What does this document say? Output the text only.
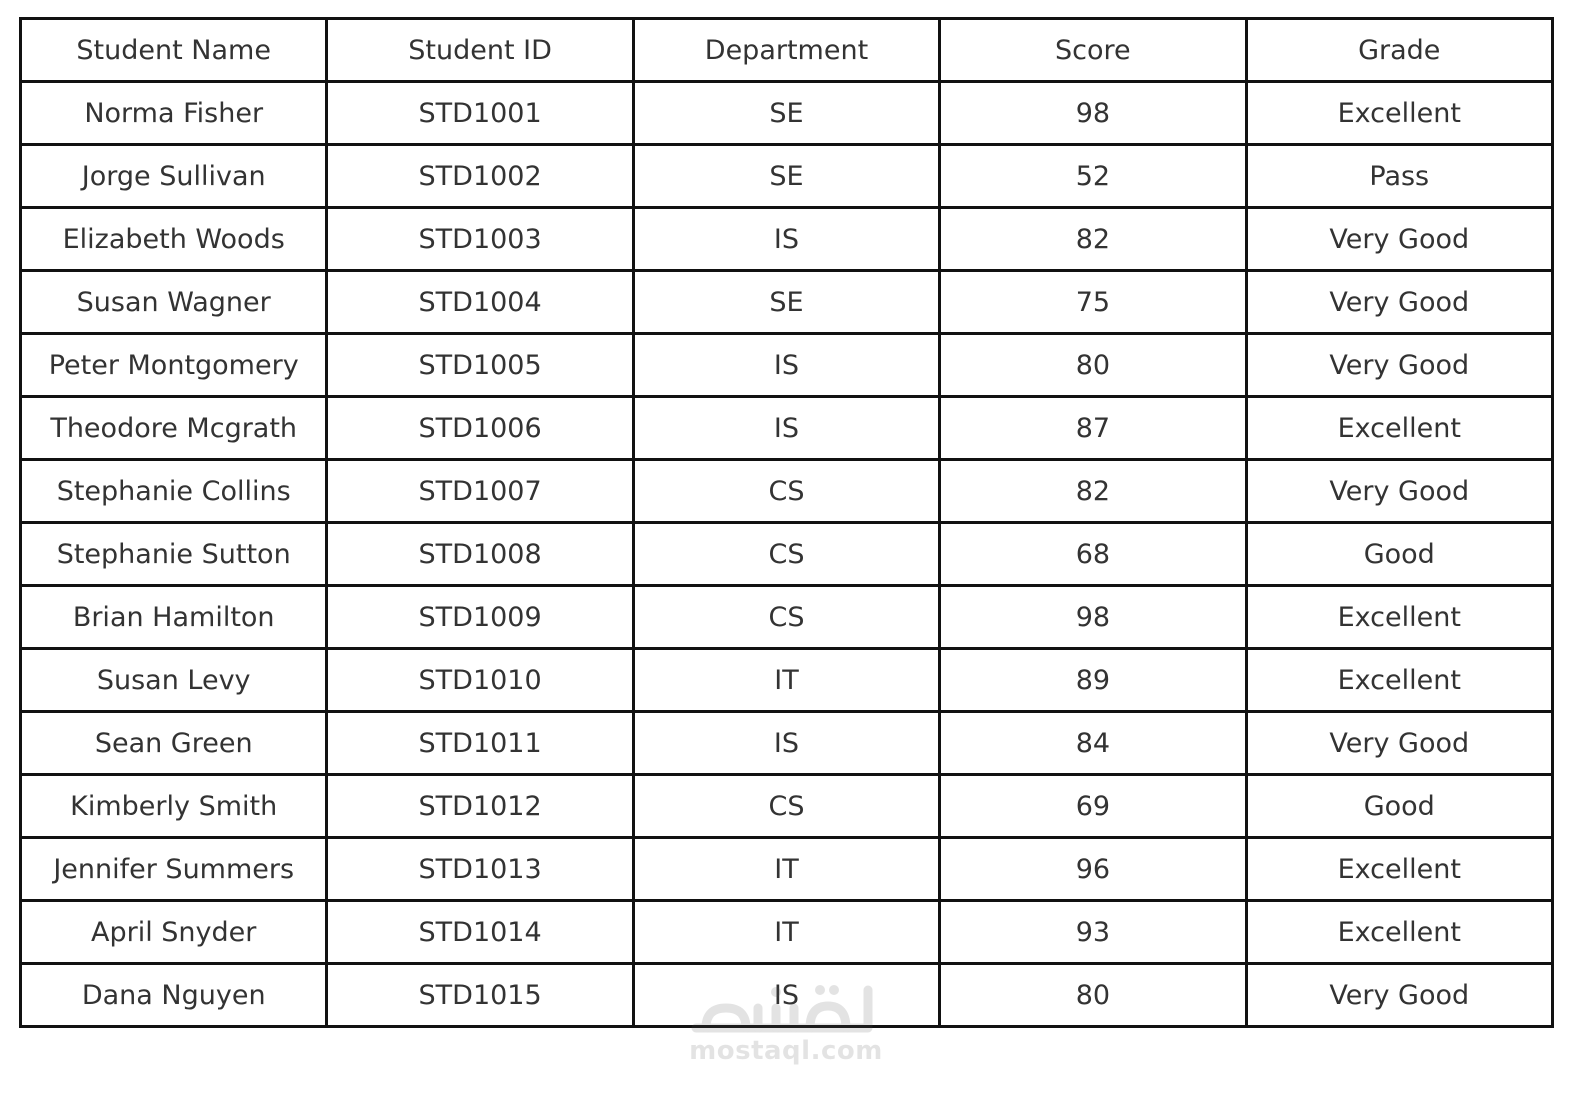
Student Name	Student ID	Department	Score	Grade
Norma Fisher	STD1001	SE	98	Excellent
Jorge Sullivan	STD1002	SE	52	Pass
Elizabeth Woods	STD1003	IS	82	Very Good
Susan Wagner	STD1004	SE	75	Very Good
Peter Montgomery	STD1005	IS	80	Very Good
Theodore Mcgrath	STD1006	IS	87	Excellent
Stephanie Collins	STD1007	CS	82	Very Good
Stephanie Sutton	STD1008	CS	68	Good
Brian Hamilton	STD1009	CS	98	Excellent
Susan Levy	STD1010	IT	89	Excellent
Sean Green	STD1011	IS	84	Very Good
Kimberly Smith	STD1012	CS	69	Good
Jennifer Summers	STD1013	IT	96	Excellent
April Snyder	STD1014	IT	93	Excellent
Dana Nguyen	STD1015	IS	80	Very Good
mostaql.com
